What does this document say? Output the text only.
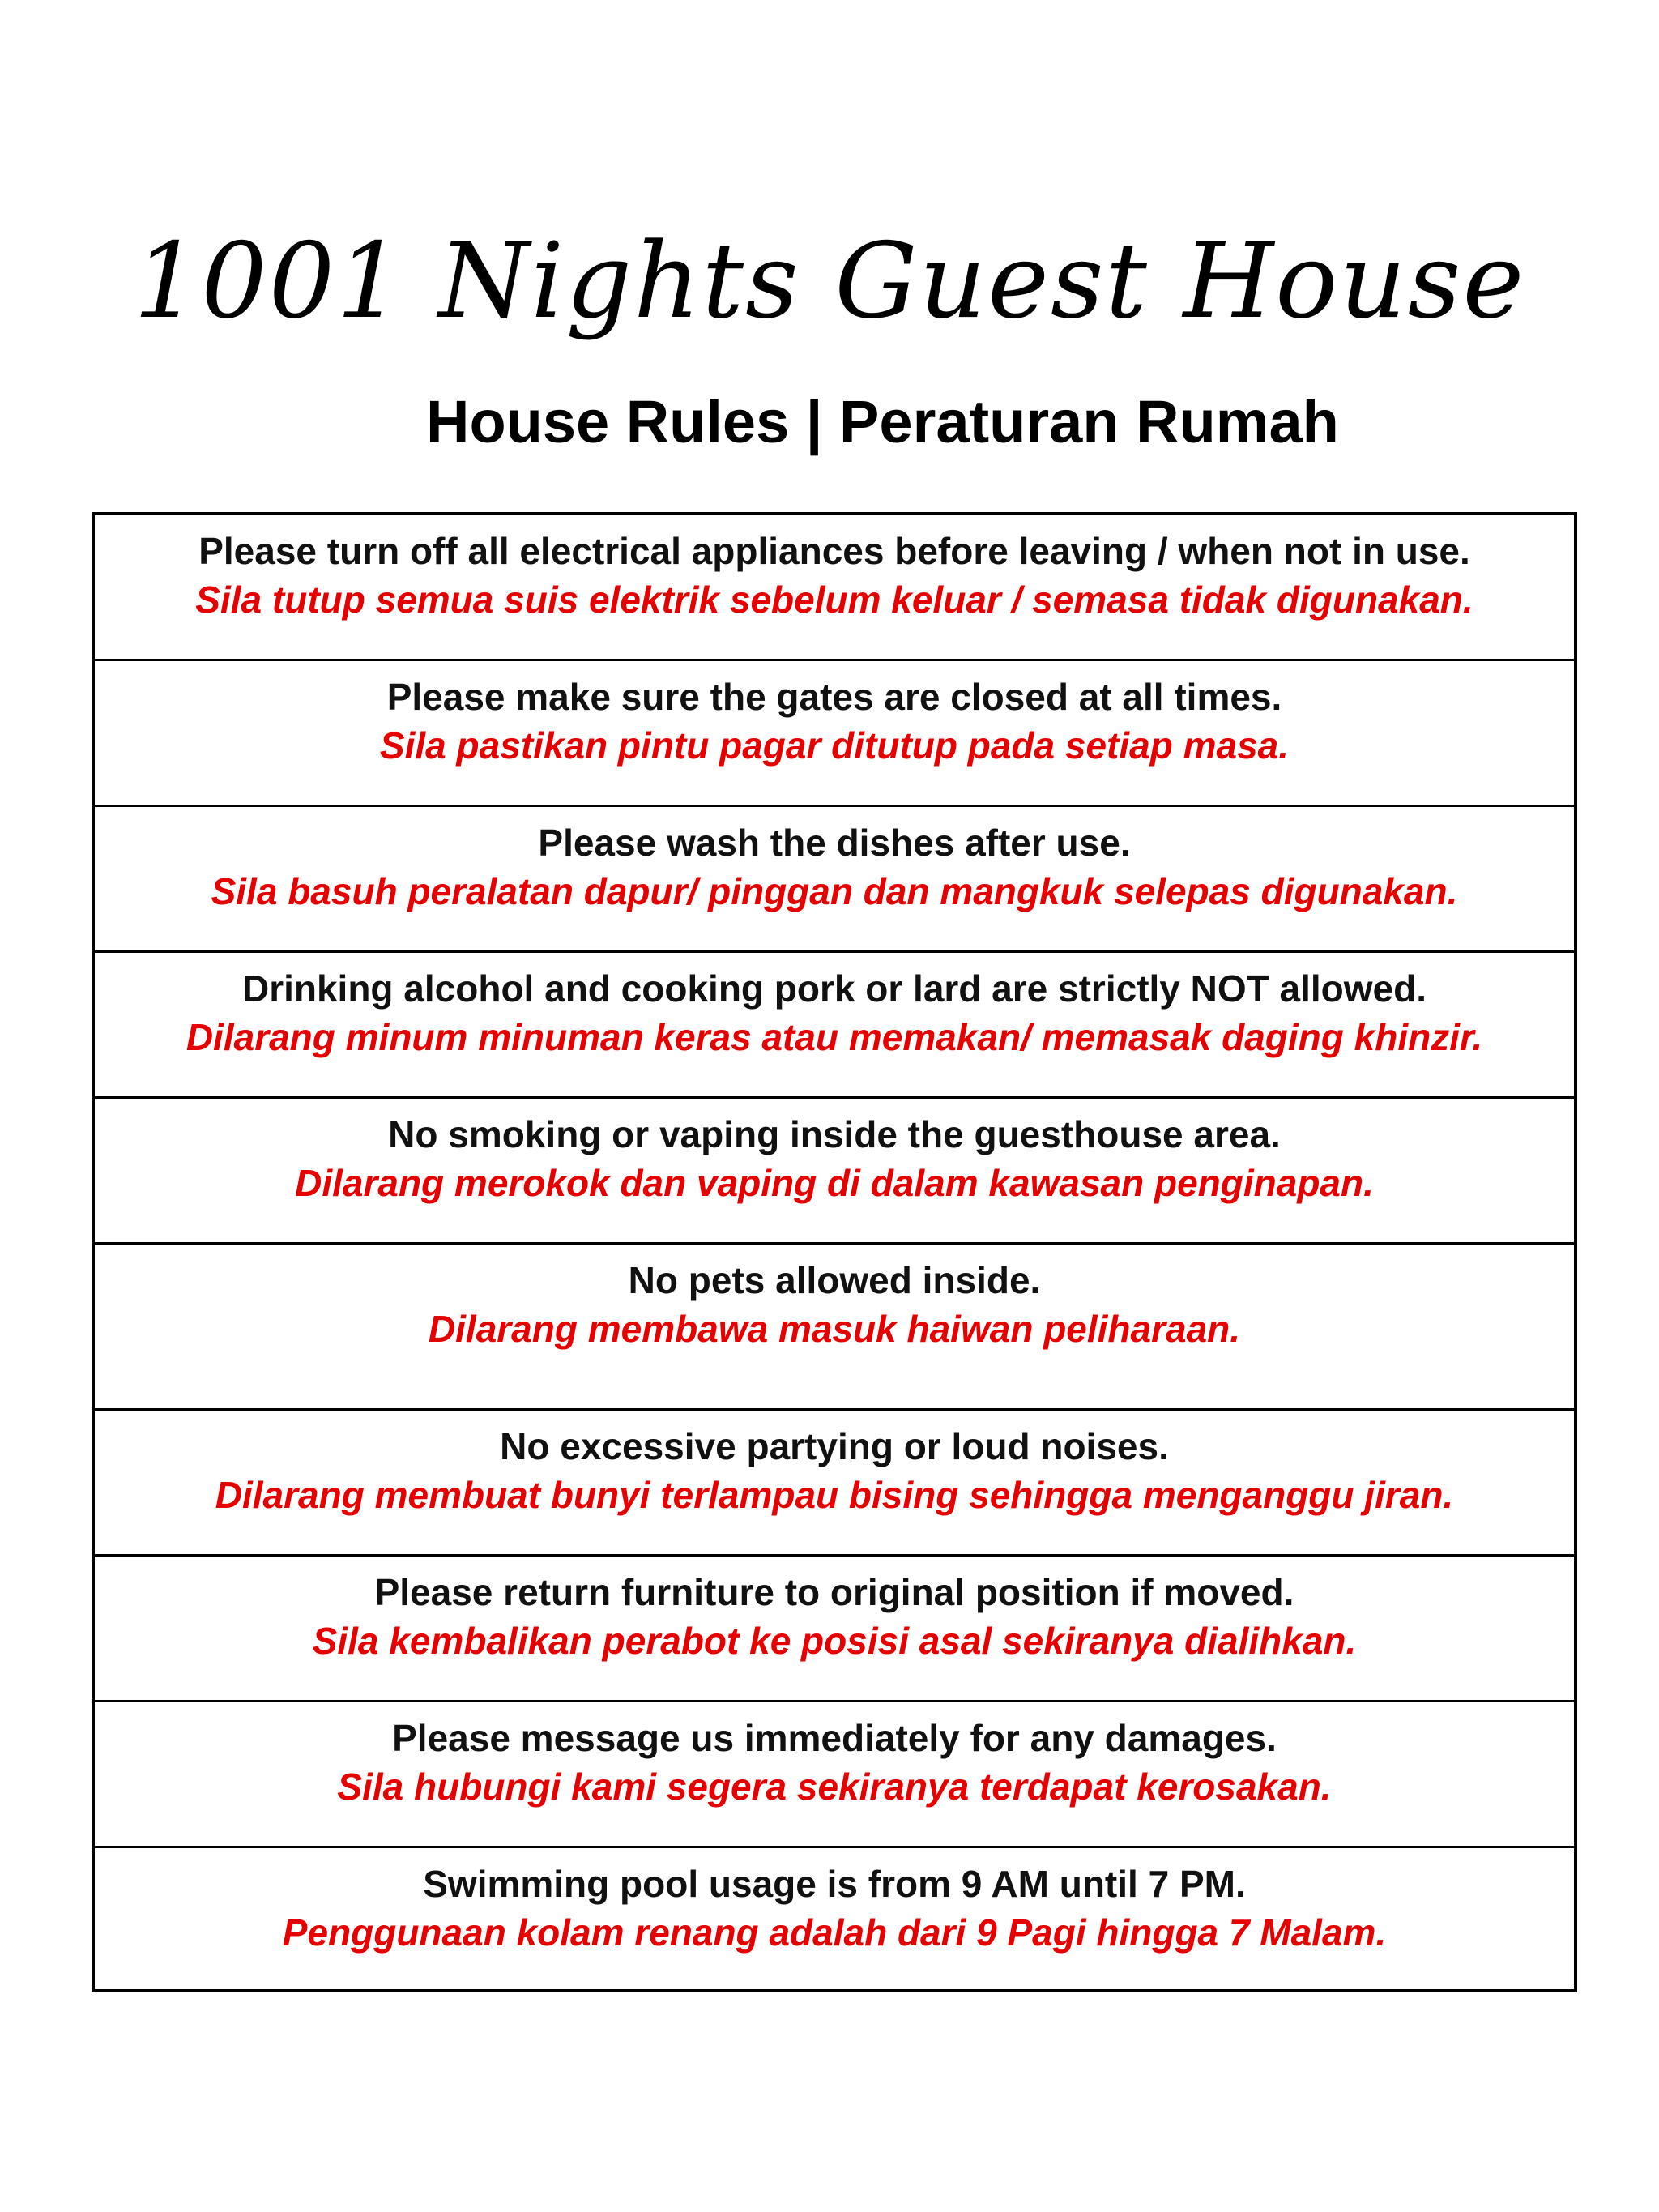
1001 Nights Guest House
House Rules | Peraturan Rumah
Please turn off all electrical appliances before leaving / when not in use.
Sila tutup semua suis elektrik sebelum keluar / semasa tidak digunakan.
Please make sure the gates are closed at all times.
Sila pastikan pintu pagar ditutup pada setiap masa.
Please wash the dishes after use.
Sila basuh peralatan dapur/ pinggan dan mangkuk selepas digunakan.
Drinking alcohol and cooking pork or lard are strictly NOT allowed.
Dilarang minum minuman keras atau memakan/ memasak daging khinzir.
No smoking or vaping inside the guesthouse area.
Dilarang merokok dan vaping di dalam kawasan penginapan.
No pets allowed inside.
Dilarang membawa masuk haiwan peliharaan.
No excessive partying or loud noises.
Dilarang membuat bunyi terlampau bising sehingga menganggu jiran.
Please return furniture to original position if moved.
Sila kembalikan perabot ke posisi asal sekiranya dialihkan.
Please message us immediately for any damages.
Sila hubungi kami segera sekiranya terdapat kerosakan.
Swimming pool usage is from 9 AM until 7 PM.
Penggunaan kolam renang adalah dari 9 Pagi hingga 7 Malam.
